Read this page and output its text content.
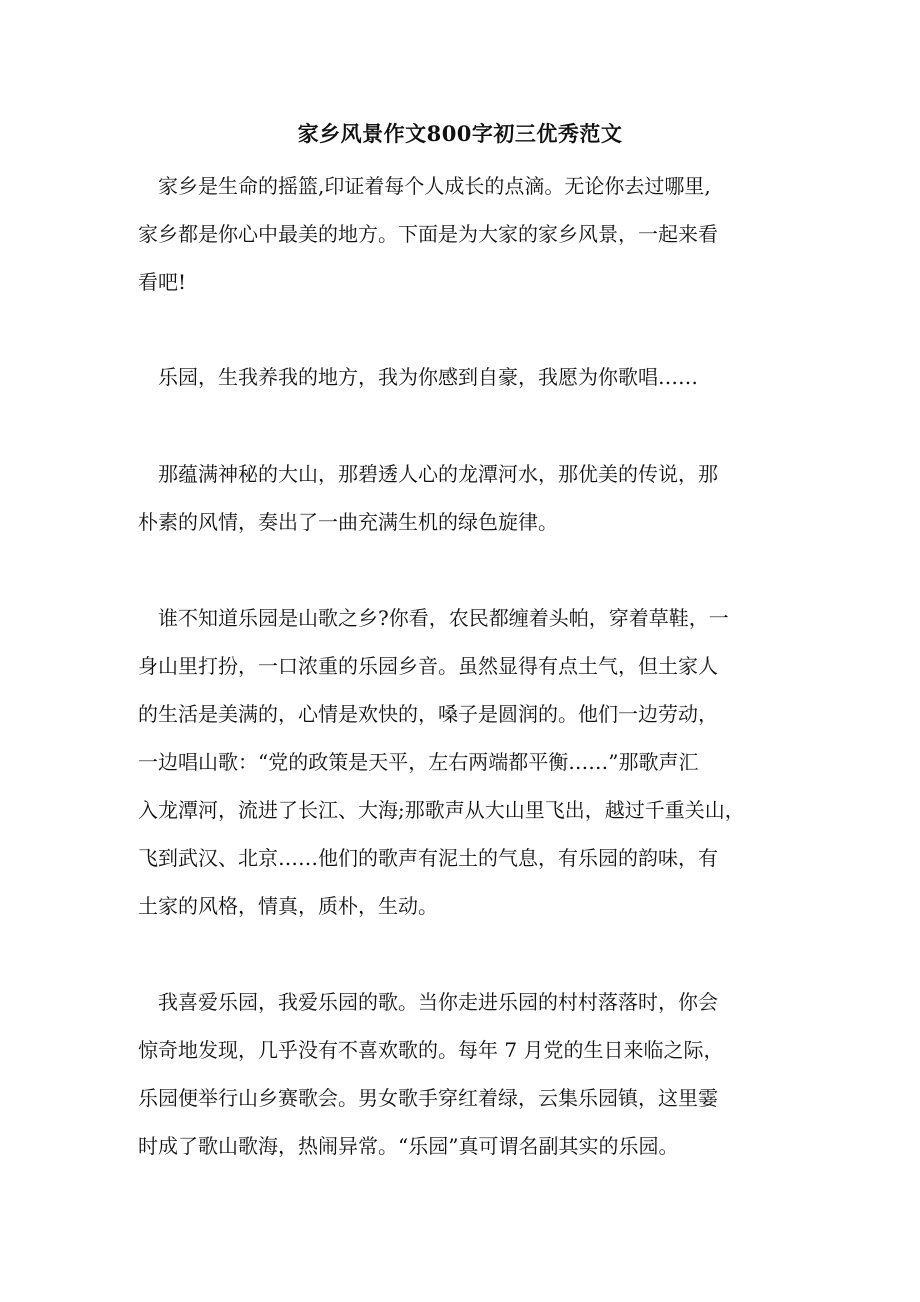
家乡风景作文800字初三优秀范文
　家乡是生命的摇篮,印证着每个人成长的点滴。无论你去过哪里,
家乡都是你心中最美的地方。下面是为大家的家乡风景，一起来看
看吧!
　乐园，生我养我的地方，我为你感到自豪，我愿为你歌唱……
　那蕴满神秘的大山，那碧透人心的龙潭河水，那优美的传说，那
朴素的风情，奏出了一曲充满生机的绿色旋律。
　谁不知道乐园是山歌之乡?你看，农民都缠着头帕，穿着草鞋，一
身山里打扮，一口浓重的乐园乡音。虽然显得有点土气，但土家人
的生活是美满的，心情是欢快的，嗓子是圆润的。他们一边劳动，
一边唱山歌：“党的政策是天平，左右两端都平衡……”那歌声汇
入龙潭河，流进了长江、大海;那歌声从大山里飞出，越过千重关山，
飞到武汉、北京……他们的歌声有泥土的气息，有乐园的韵味，有
土家的风格，情真，质朴，生动。
　我喜爱乐园，我爱乐园的歌。当你走进乐园的村村落落时，你会
惊奇地发现，几乎没有不喜欢歌的。每年 7 月党的生日来临之际，
乐园便举行山乡赛歌会。男女歌手穿红着绿，云集乐园镇，这里霎
时成了歌山歌海，热闹异常。“乐园”真可谓名副其实的乐园。
